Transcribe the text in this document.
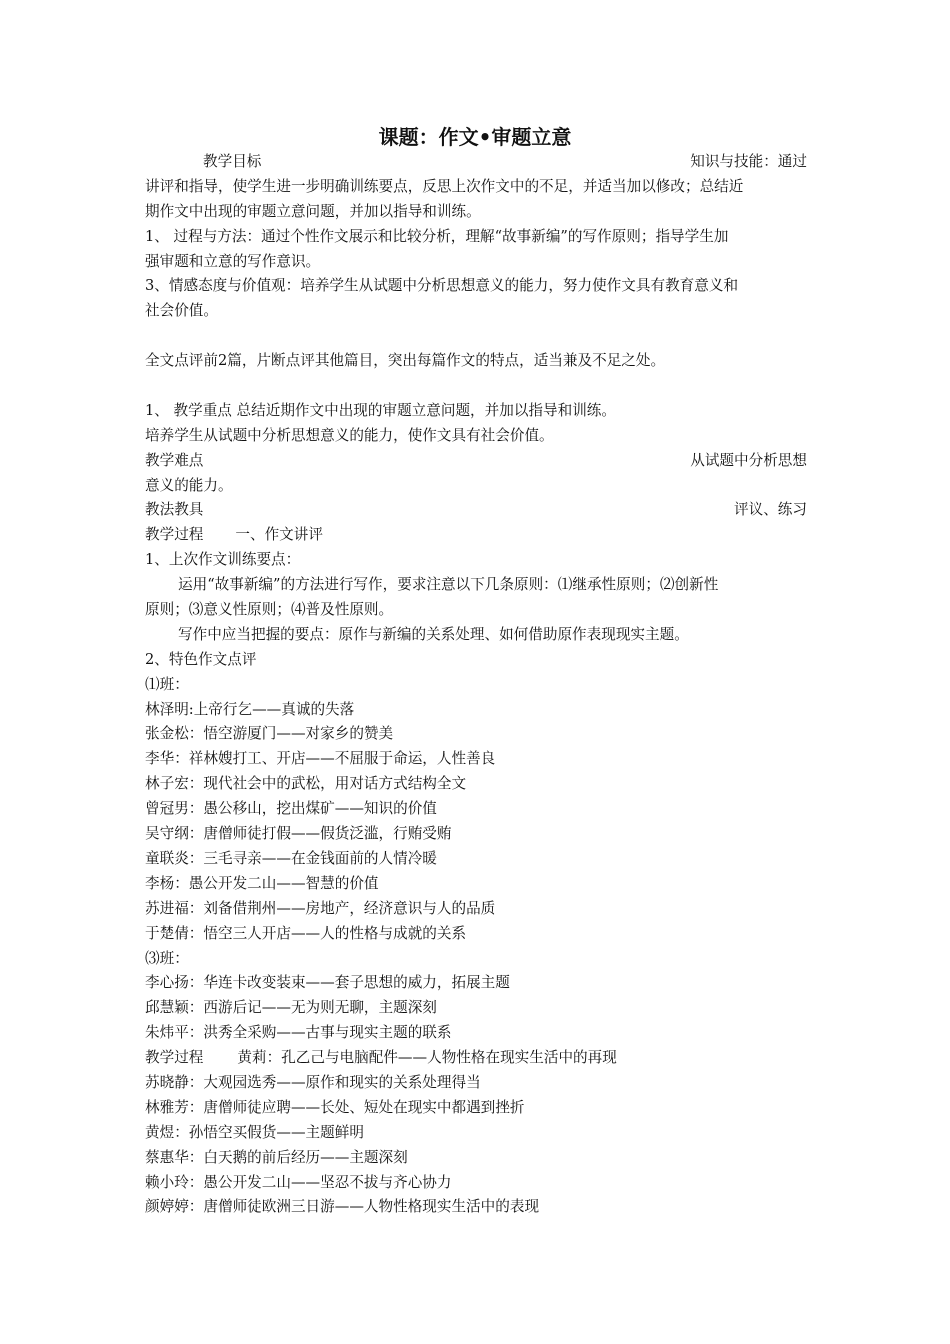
课题：作文•审题立意
教学目标	知识与技能：通过
讲评和指导，使学生进一步明确训练要点，反思上次作文中的不足，并适当加以修改；总结近
期作文中出现的审题立意问题，并加以指导和训练。
1、 过程与方法：通过个性作文展示和比较分析，理解“故事新编”的写作原则；指导学生加
强审题和立意的写作意识。
3、情感态度与价值观：培养学生从试题中分析思想意义的能力，努力使作文具有教育意义和
社会价值。
全文点评前2篇，片断点评其他篇目，突出每篇作文的特点，适当兼及不足之处。
1、 教学重点 总结近期作文中出现的审题立意问题，并加以指导和训练。
培养学生从试题中分析思想意义的能力，使作文具有社会价值。
教学难点	从试题中分析思想
意义的能力。
教法教具	评议、练习
教学过程 一、作文讲评
1、上次作文训练要点：
运用“故事新编”的方法进行写作，要求注意以下几条原则：⑴继承性原则；⑵创新性
原则；⑶意义性原则；⑷普及性原则。
写作中应当把握的要点：原作与新编的关系处理、如何借助原作表现现实主题。
2、特色作文点评
⑴班：
林泽明:上帝行乞——真诚的失落
张金松：悟空游厦门——对家乡的赞美
李华：祥林嫂打工、开店——不屈服于命运，人性善良
林子宏：现代社会中的武松，用对话方式结构全文
曾冠男：愚公移山，挖出煤矿——知识的价值
吴守纲：唐僧师徒打假——假货泛滥，行贿受贿
童联炎：三毛寻亲——在金钱面前的人情冷暖
李杨：愚公开发二山——智慧的价值
苏进福：刘备借荆州——房地产，经济意识与人的品质
于楚倩：悟空三人开店——人的性格与成就的关系
⑶班：
李心扬：华连卡改变装束——套子思想的威力，拓展主题
邱慧颖：西游后记——无为则无聊，主题深刻
朱炜平：洪秀全采购——古事与现实主题的联系
教学过程 黄莉：孔乙己与电脑配件——人物性格在现实生活中的再现
苏晓静：大观园选秀——原作和现实的关系处理得当
林雅芳：唐僧师徒应聘——长处、短处在现实中都遇到挫折
黄煜：孙悟空买假货——主题鲜明
蔡惠华：白天鹅的前后经历——主题深刻
赖小玲：愚公开发二山——坚忍不拔与齐心协力
颜婷婷：唐僧师徒欧洲三日游——人物性格现实生活中的表现
